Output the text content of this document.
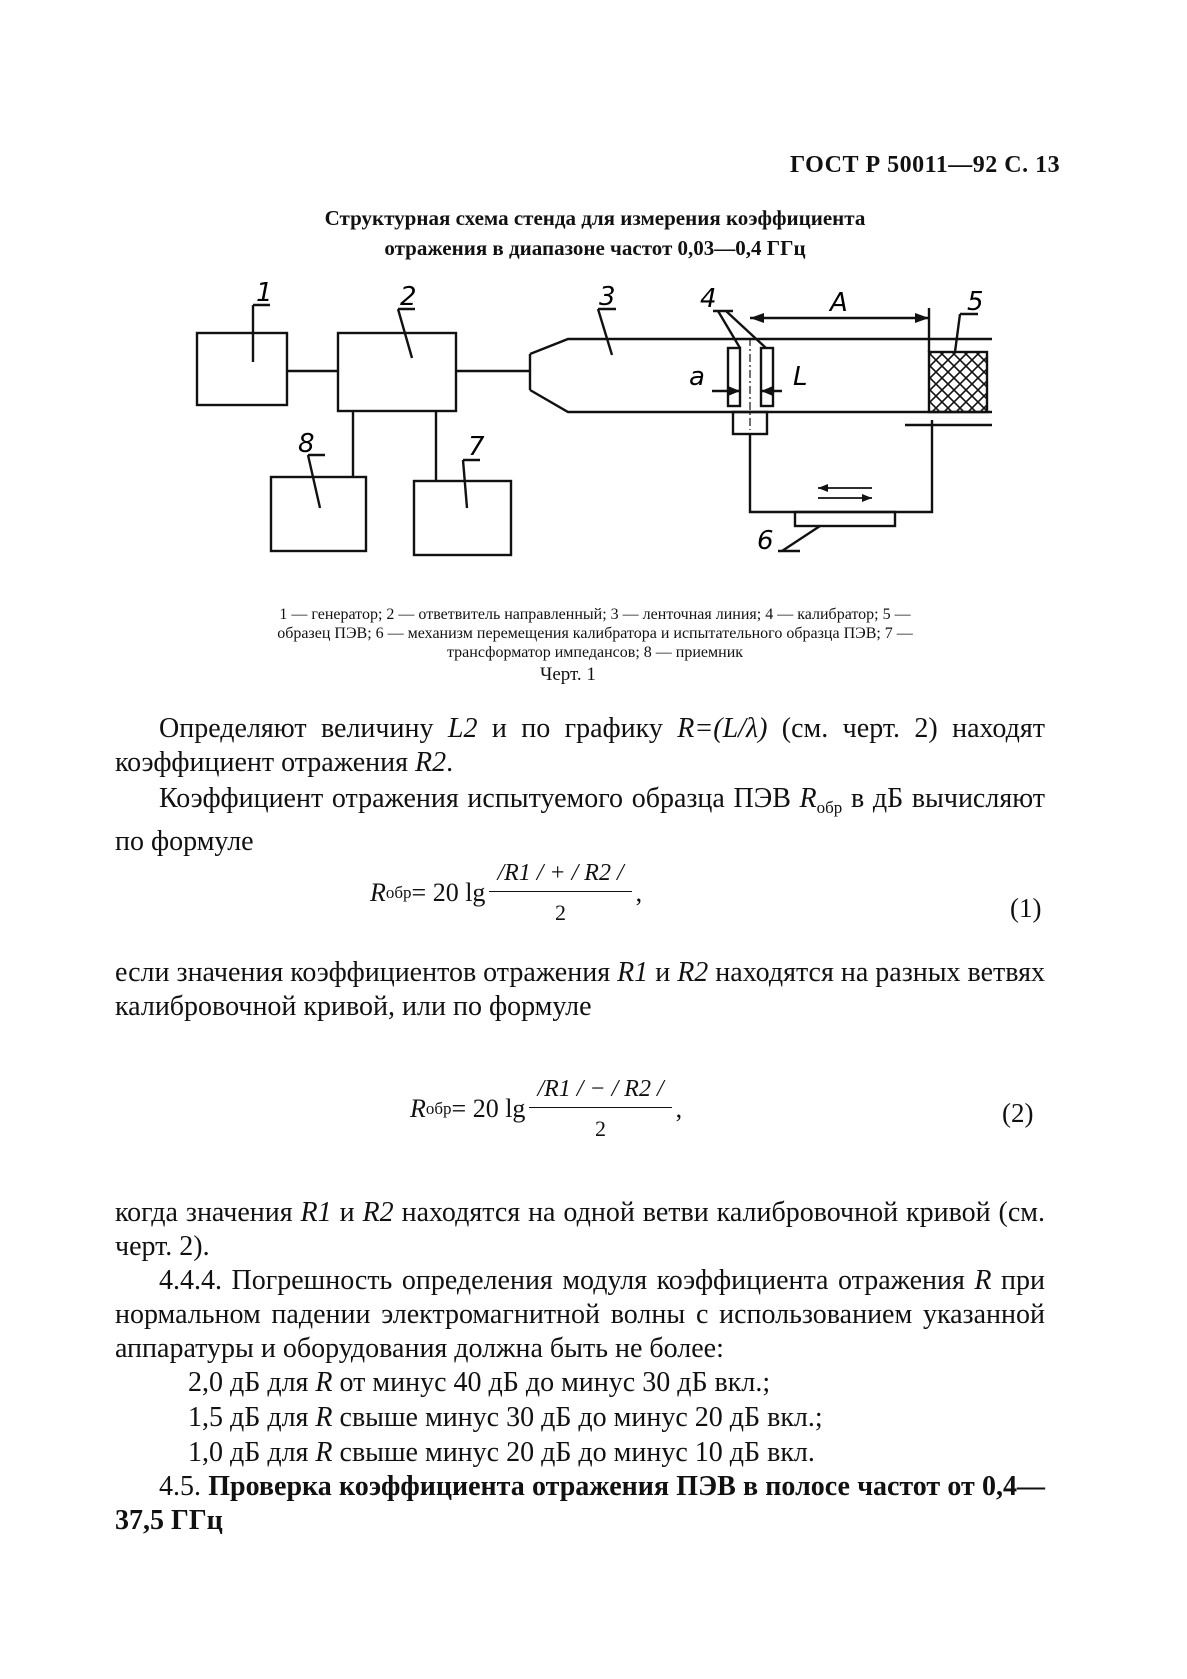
ГОСТ Р 50011—92 С. 13
Структурная схема стенда для измерения коэффициента
отражения в диапазоне частот 0,03—0,4 ГГц
1	2	3	4	A	5
a	L
8	7
6
1 — генератор; 2 — ответвитель направленный; 3 — ленточная линия; 4 — калибратор; 5 —
образец ПЭВ; 6 — механизм перемещения калибратора и испытательного образца ПЭВ; 7 —
трансформатор импедансов; 8 — приемник
Черт. 1
Определяют величину L2 и по графику R=(L/λ) (см. черт. 2) находят коэффициент отражения R2.
Коэффициент отражения испытуемого образца ПЭВ $R_{обр}$ в дБ вычисляют по формуле
R обр = 20 $\lg \frac{/R1 / + / R2 /}{2}$ ,
(1)
если значения коэффициентов отражения R1 и R2 находятся на разных ветвях калибровочной кривой, или по формуле
R обр = 20 $\lg \frac{/R1 / - / R2 /}{2}$ ,	(2)
когда значения R1 и R2 находятся на одной ветви калибровочной кривой (см. черт. 2).
4.4.4. Погрешность определения модуля коэффициента отражения R при нормальном падении электромагнитной волны с использованием указанной аппаратуры и оборудования должна быть не более:
2,0 дБ для R от минус 40 дБ до минус 30 дБ вкл.;
1,5 дБ для R свыше минус 30 дБ до минус 20 дБ вкл.;
1,0 дБ для R свыше минус 20 дБ до минус 10 дБ вкл.
4.5. Проверка коэффициента отражения ПЭВ в полосе частот от 0,4—37,5 ГГц
